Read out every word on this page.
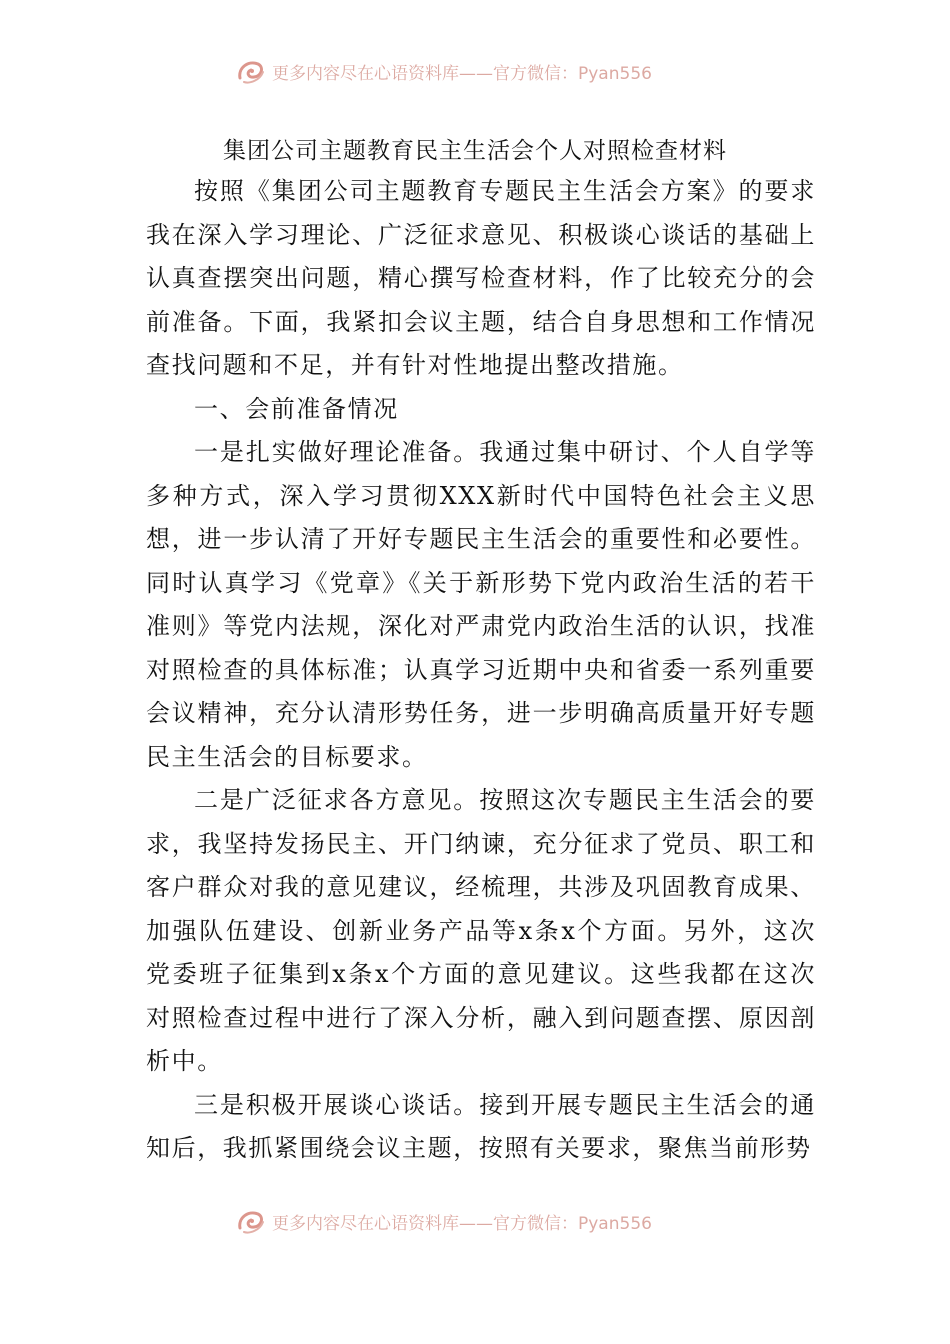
更多内容尽在心语资料库——官方微信：Pyan556
集团公司主题教育民主生活会个人对照检查材料

按照《集团公司主题教育专题民主生活会方案》的要求我在深入学习理论、广泛征求意见、积极谈心谈话的基础上认真查摆突出问题，精心撰写检查材料，作了比较充分的会前准备。下面，我紧扣会议主题，结合自身思想和工作情况查找问题和不足，并有针对性地提出整改措施。

一、会前准备情况

一是扎实做好理论准备。我通过集中研讨、个人自学等多种方式，深入学习贯彻XXX新时代中国特色社会主义思想，进一步认清了开好专题民主生活会的重要性和必要性。同时认真学习《党章》《关于新形势下党内政治生活的若干准则》等党内法规，深化对严肃党内政治生活的认识，找准对照检查的具体标准；认真学习近期中央和省委一系列重要会议精神，充分认清形势任务，进一步明确高质量开好专题民主生活会的目标要求。

二是广泛征求各方意见。按照这次专题民主生活会的要求，我坚持发扬民主、开门纳谏，充分征求了党员、职工和客户群众对我的意见建议，经梳理，共涉及巩固教育成果、加强队伍建设、创新业务产品等x条x个方面。另外，这次党委班子征集到x条x个方面的意见建议。这些我都在这次对照检查过程中进行了深入分析，融入到问题查摆、原因剖析中。

三是积极开展谈心谈话。接到开展专题民主生活会的通知后，我抓紧围绕会议主题，按照有关要求，聚焦当前形势

更多内容尽在心语资料库——官方微信：Pyan556
